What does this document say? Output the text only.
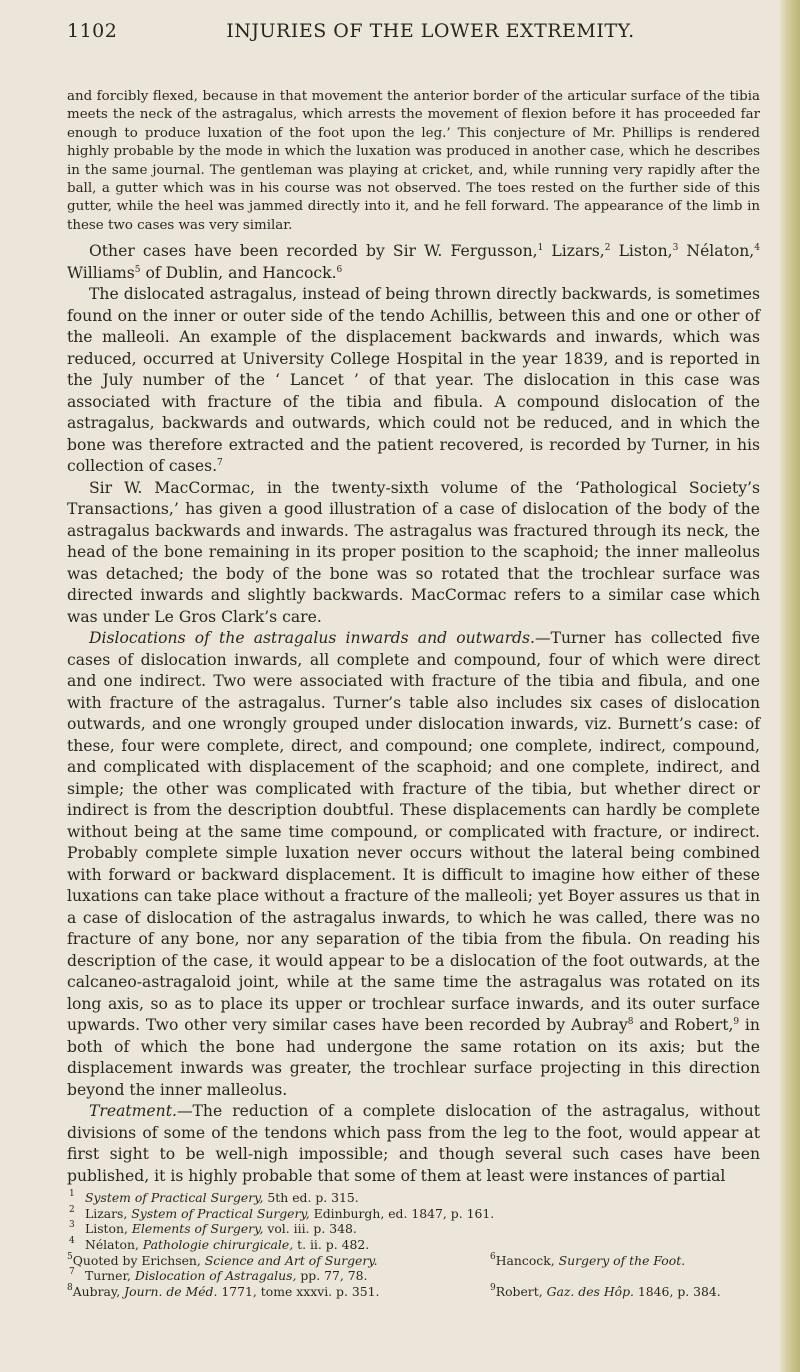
1102	INJURIES OF THE LOWER EXTREMITY.

and forcibly flexed, because in that movement the anterior border of the articular surface of the tibia meets the neck of the astragalus, which arrests the movement of flexion before it has proceeded far enough to produce luxation of the foot upon the leg.’ This conjecture of Mr. Phillips is rendered highly probable by the mode in which the luxation was produced in another case, which he describes in the same journal. The gentleman was playing at cricket, and, while running very rapidly after the ball, a gutter which was in his course was not observed. The toes rested on the further side of this gutter, while the heel was jammed directly into it, and he fell forward. The appearance of the limb in these two cases was very similar.

Other cases have been recorded by Sir W. Fergusson,$^1$ Lizars,$^2$ Liston,$^3$ Nélaton,$^4$ Williams$^5$ of Dublin, and Hancock.$^6$

The dislocated astragalus, instead of being thrown directly backwards, is sometimes found on the inner or outer side of the tendo Achillis, between this and one or other of the malleoli. An example of the displacement backwards and inwards, which was reduced, occurred at University College Hospital in the year 1839, and is reported in the July number of the ‘ Lancet ’ of that year. The dislocation in this case was associated with fracture of the tibia and fibula. A compound dislocation of the astragalus, backwards and outwards, which could not be reduced, and in which the bone was therefore extracted and the patient recovered, is recorded by Turner, in his collection of cases.$^7$

Sir W. MacCormac, in the twenty-sixth volume of the ‘Pathological Society’s Transactions,’ has given a good illustration of a case of dislocation of the body of the astragalus backwards and inwards. The astragalus was fractured through its neck, the head of the bone remaining in its proper position to the scaphoid; the inner malleolus was detached; the body of the bone was so rotated that the trochlear surface was directed inwards and slightly backwards. MacCormac refers to a similar case which was under Le Gros Clark’s care.

Dislocations of the astragalus inwards and outwards.—Turner has collected five cases of dislocation inwards, all complete and compound, four of which were direct and one indirect. Two were associated with fracture of the tibia and fibula, and one with fracture of the astragalus. Turner’s table also includes six cases of dislocation outwards, and one wrongly grouped under dislocation inwards, viz. Burnett’s case: of these, four were complete, direct, and compound; one complete, indirect, compound, and complicated with displacement of the scaphoid; and one complete, indirect, and simple; the other was complicated with fracture of the tibia, but whether direct or indirect is from the description doubtful. These displacements can hardly be complete without being at the same time compound, or complicated with fracture, or indirect. Probably complete simple luxation never occurs without the lateral being combined with forward or backward displacement. It is difficult to imagine how either of these luxations can take place without a fracture of the malleoli; yet Boyer assures us that in a case of dislocation of the astragalus inwards, to which he was called, there was no fracture of any bone, nor any separation of the tibia from the fibula. On reading his description of the case, it would appear to be a dislocation of the foot outwards, at the calcaneo-astragaloid joint, while at the same time the astragalus was rotated on its long axis, so as to place its upper or trochlear surface inwards, and its outer surface upwards. Two other very similar cases have been recorded by Aubray$^8$ and Robert,$^9$ in both of which the bone had undergone the same rotation on its axis; but the displacement inwards was greater, the trochlear surface projecting in this direction beyond the inner malleolus.

Treatment.—The reduction of a complete dislocation of the astragalus, without divisions of some of the tendons which pass from the leg to the foot, would appear at first sight to be well-nigh impossible; and though several such cases have been published, it is highly probable that some of them at least were instances of partial

$^1$ System of Practical Surgery, 5th ed. p. 315.
$^2$ Lizars, System of Practical Surgery, Edinburgh, ed. 1847, p. 161.
$^3$ Liston, Elements of Surgery, vol. iii. p. 348.
$^4$ Nélaton, Pathologie chirurgicale, t. ii. p. 482.
$^5$ Quoted by Erichsen, Science and Art of Surgery.	$^6$ Hancock, Surgery of the Foot.
$^7$ Turner, Dislocation of Astragalus, pp. 77, 78.
$^8$ Aubray, Journ. de Méd. 1771, tome xxxvi. p. 351.	$^9$ Robert, Gaz. des Hôp. 1846, p. 384.
